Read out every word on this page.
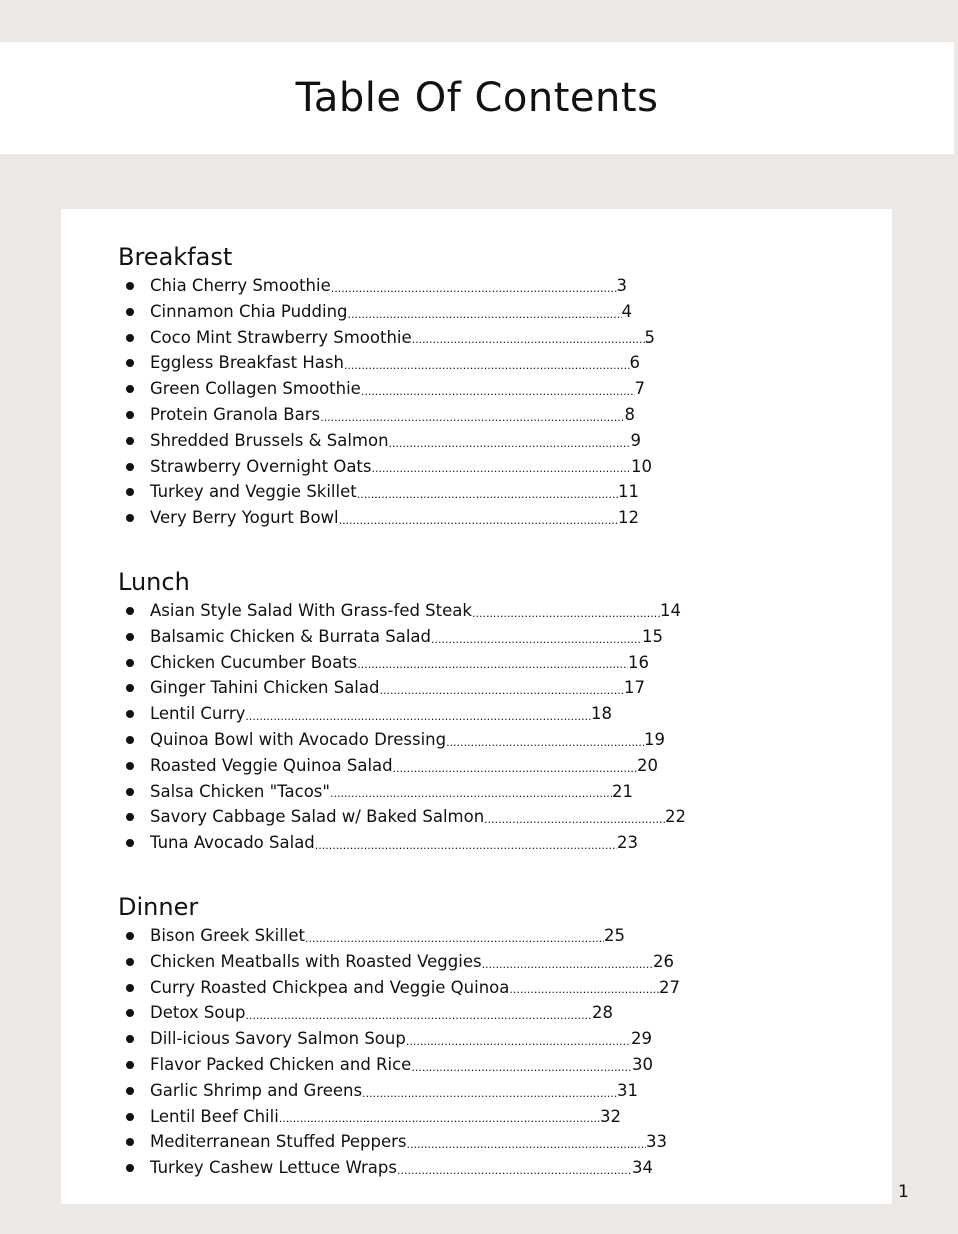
Table Of Contents
Breakfast
Chia Cherry Smoothie .....	3
Cinnamon Chia Pudding .....	4
Coco Mint Strawberry Smoothie .....	5
Eggless Breakfast Hash .....	6
Green Collagen Smoothie .....	7
Protein Granola Bars .....	8
Shredded Brussels & Salmon .....	9
Strawberry Overnight Oats .....	10
Turkey and Veggie Skillet .....	11
Very Berry Yogurt Bowl .....	12
Lunch
Asian Style Salad With Grass-fed Steak .....	14
Balsamic Chicken & Burrata Salad .....	15
Chicken Cucumber Boats .....	16
Ginger Tahini Chicken Salad .....	17
Lentil Curry .....	18
Quinoa Bowl with Avocado Dressing .....	19
Roasted Veggie Quinoa Salad .....	20
Salsa Chicken "Tacos" .....	21
Savory Cabbage Salad w/ Baked Salmon .....	22
Tuna Avocado Salad .....	23
Dinner
Bison Greek Skillet .....	25
Chicken Meatballs with Roasted Veggies .....	26
Curry Roasted Chickpea and Veggie Quinoa .....	27
Detox Soup .....	28
Dill-icious Savory Salmon Soup .....	29
Flavor Packed Chicken and Rice .....	30
Garlic Shrimp and Greens .....	31
Lentil Beef Chili .....	32
Mediterranean Stuffed Peppers .....	33
Turkey Cashew Lettuce Wraps .....	34
1
